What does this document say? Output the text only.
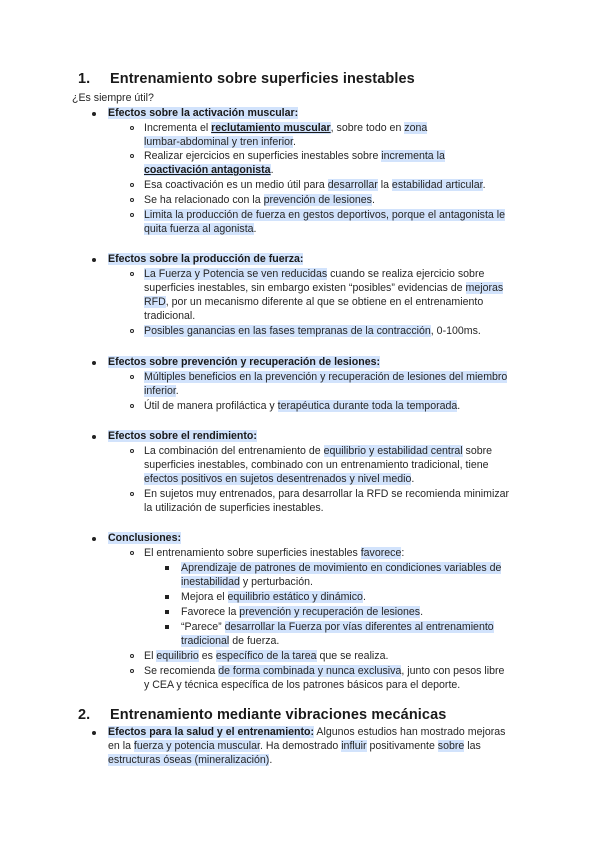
1. Entrenamiento sobre superficies inestables
¿Es siempre útil?
Efectos sobre la activación muscular:
Incrementa el reclutamiento muscular, sobre todo en zona
lumbar-abdominal y tren inferior.
Realizar ejercicios en superficies inestables sobre incrementa la
coactivación antagonista.
Esa coactivación es un medio útil para desarrollar la estabilidad articular.
Se ha relacionado con la prevención de lesiones.
Limita la producción de fuerza en gestos deportivos, porque el antagonista le
quita fuerza al agonista.
Efectos sobre la producción de fuerza:
La Fuerza y Potencia se ven reducidas cuando se realiza ejercicio sobre
superficies inestables, sin embargo existen “posibles” evidencias de mejoras
RFD, por un mecanismo diferente al que se obtiene en el entrenamiento
tradicional.
Posibles ganancias en las fases tempranas de la contracción, 0-100ms.
Efectos sobre prevención y recuperación de lesiones:
Múltiples beneficios en la prevención y recuperación de lesiones del miembro
inferior.
Útil de manera profiláctica y terapéutica durante toda la temporada.
Efectos sobre el rendimiento:
La combinación del entrenamiento de equilibrio y estabilidad central sobre
superficies inestables, combinado con un entrenamiento tradicional, tiene
efectos positivos en sujetos desentrenados y nivel medio.
En sujetos muy entrenados, para desarrollar la RFD se recomienda minimizar
la utilización de superficies inestables.
Conclusiones:
El entrenamiento sobre superficies inestables favorece:
Aprendizaje de patrones de movimiento en condiciones variables de
inestabilidad y perturbación.
Mejora el equilibrio estático y dinámico.
Favorece la prevención y recuperación de lesiones.
“Parece” desarrollar la Fuerza por vías diferentes al entrenamiento
tradicional de fuerza.
El equilibrio es específico de la tarea que se realiza.
Se recomienda de forma combinada y nunca exclusiva, junto con pesos libre
y CEA y técnica específica de los patrones básicos para el deporte.
2. Entrenamiento mediante vibraciones mecánicas
Efectos para la salud y el entrenamiento: Algunos estudios han mostrado mejoras
en la fuerza y potencia muscular. Ha demostrado influir positivamente sobre las
estructuras óseas (mineralización).
